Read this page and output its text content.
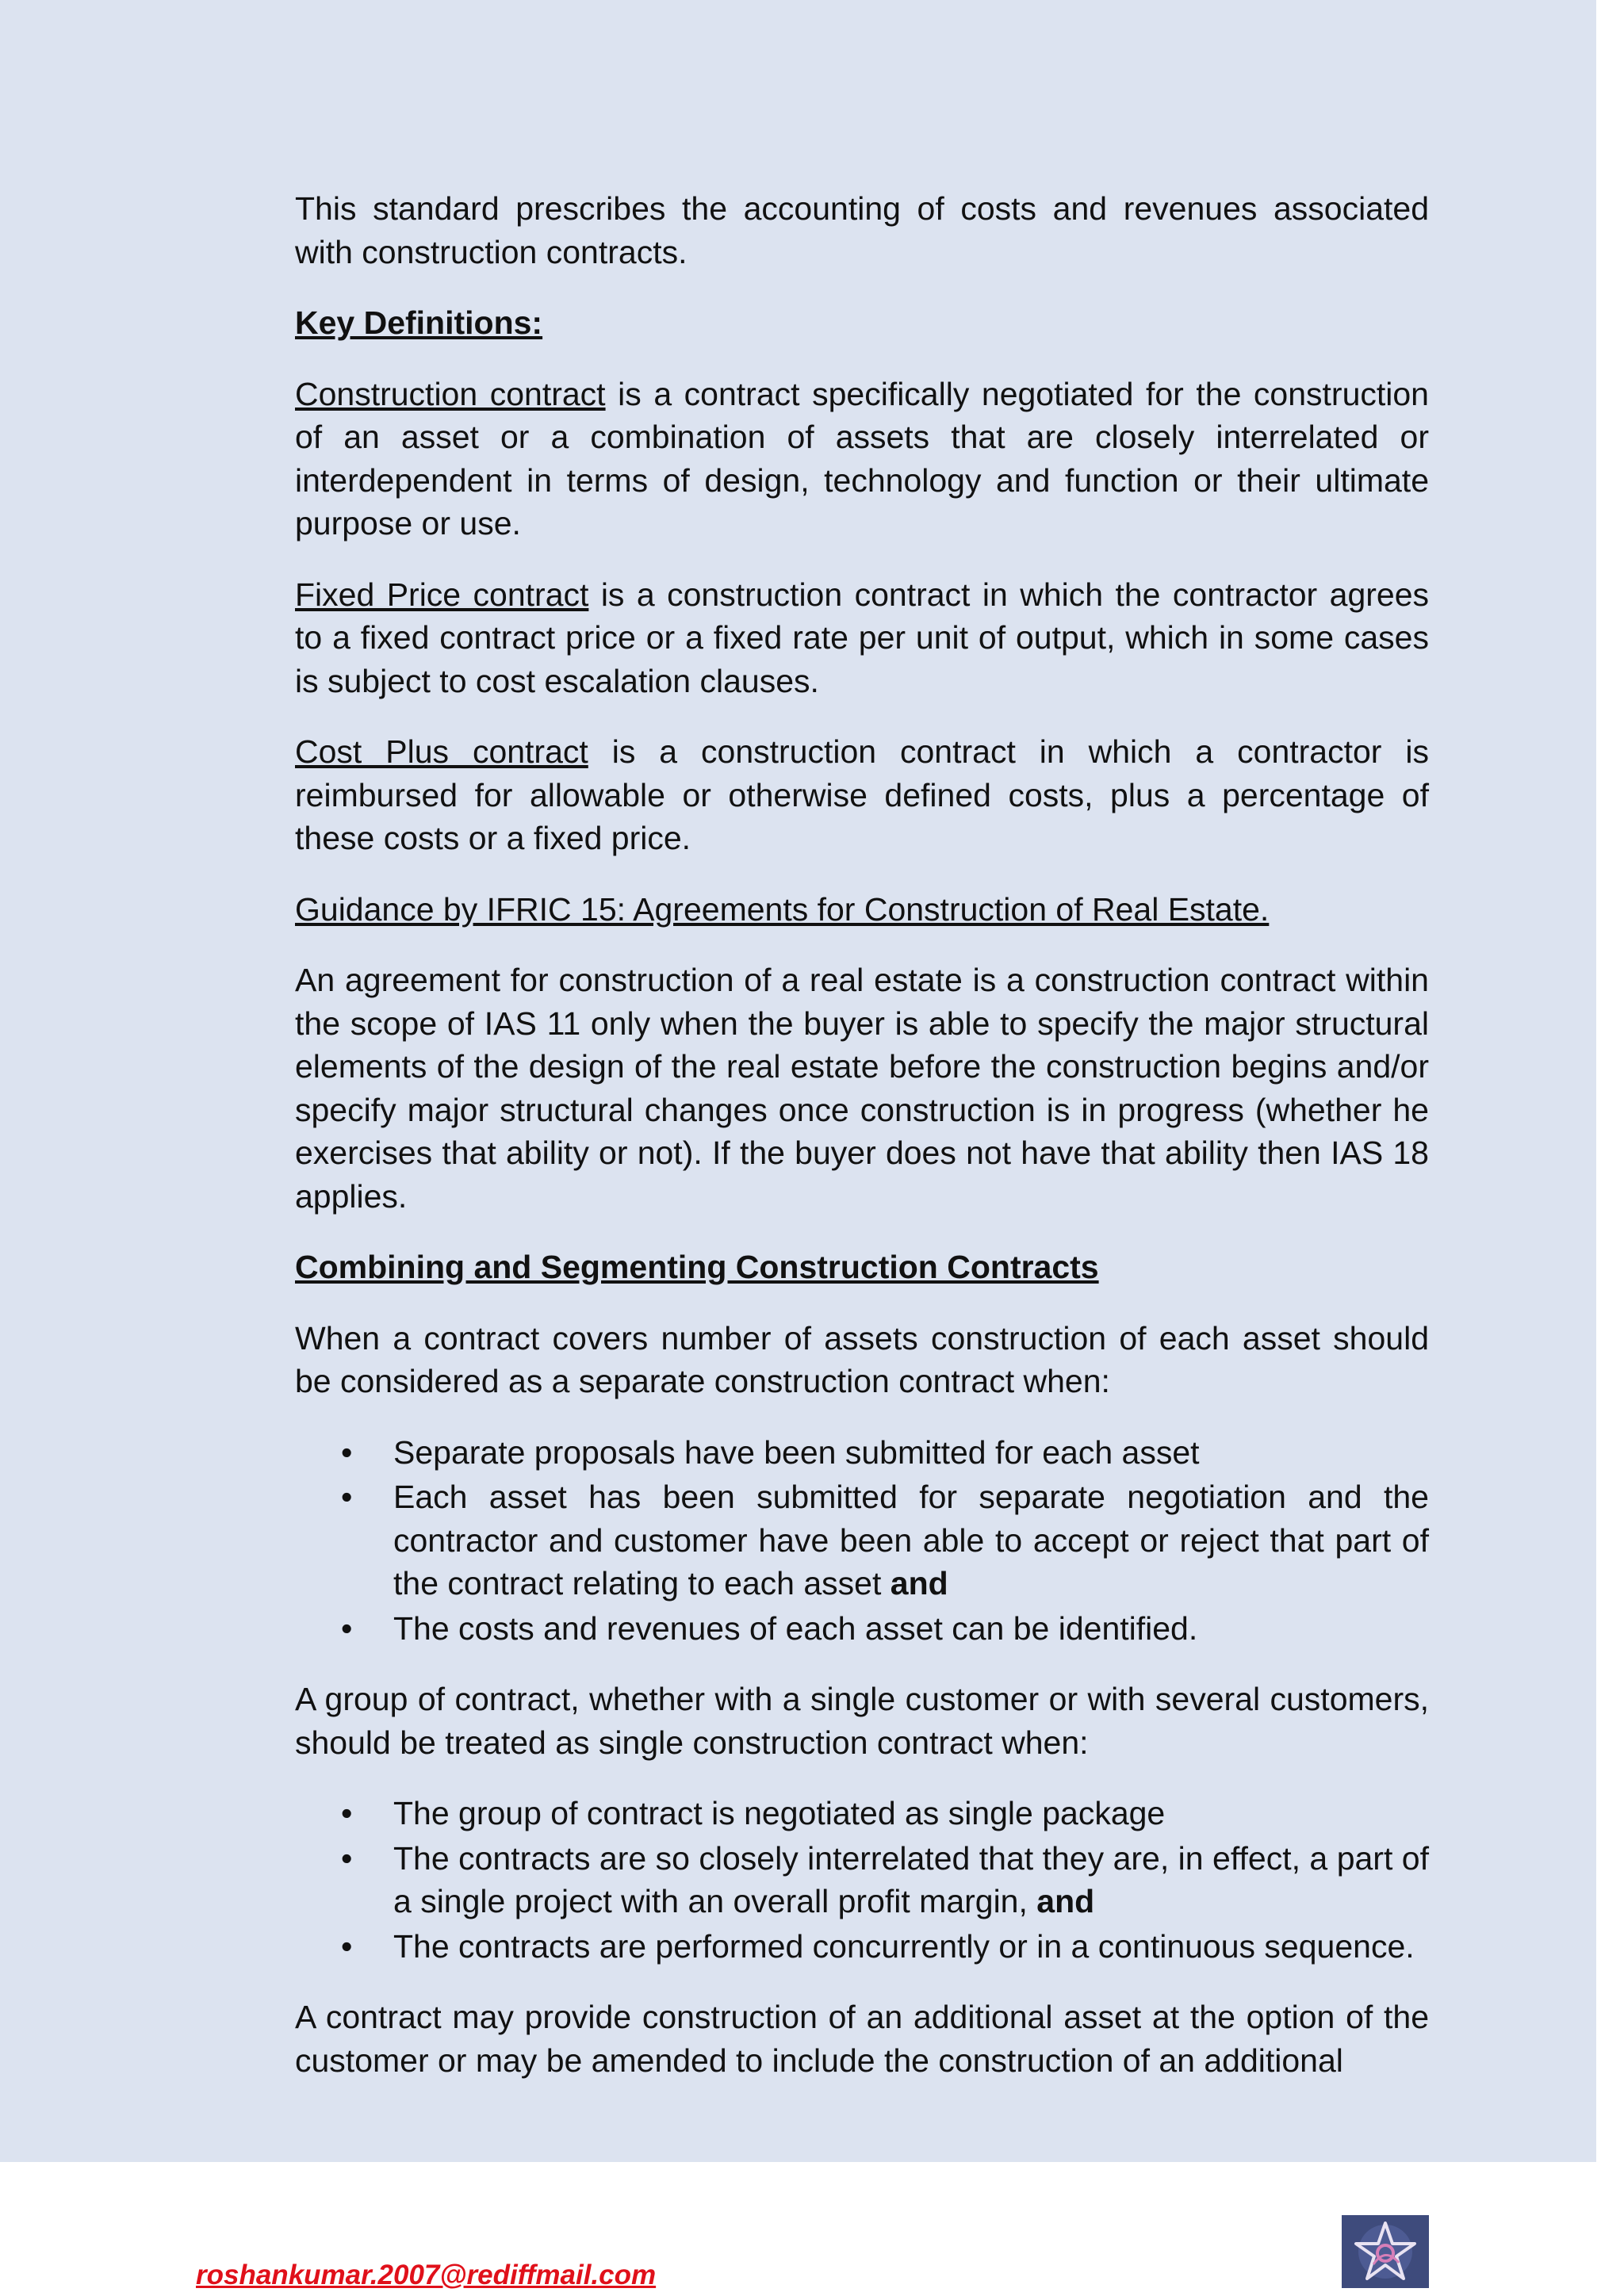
This standard prescribes the accounting of costs and revenues associated with construction contracts.

Key Definitions:

Construction contract is a contract specifically negotiated for the construction of an asset or a combination of assets that are closely interrelated or interdependent in terms of design, technology and function or their ultimate purpose or use.

Fixed Price contract is a construction contract in which the contractor agrees to a fixed contract price or a fixed rate per unit of output, which in some cases is subject to cost escalation clauses.

Cost Plus contract is a construction contract in which a contractor is reimbursed for allowable or otherwise defined costs, plus a percentage of these costs or a fixed price.

Guidance by IFRIC 15: Agreements for Construction of Real Estate.

An agreement for construction of a real estate is a construction contract within the scope of IAS 11 only when the buyer is able to specify the major structural elements of the design of the real estate before the construction begins and/or specify major structural changes once construction is in progress (whether he exercises that ability or not). If the buyer does not have that ability then IAS 18 applies.

Combining and Segmenting Construction Contracts

When a contract covers number of assets construction of each asset should be considered as a separate construction contract when:

• Separate proposals have been submitted for each asset
• Each asset has been submitted for separate negotiation and the contractor and customer have been able to accept or reject that part of the contract relating to each asset and
• The costs and revenues of each asset can be identified.

A group of contract, whether with a single customer or with several customers, should be treated as single construction contract when:

• The group of contract is negotiated as single package
• The contracts are so closely interrelated that they are, in effect, a part of a single project with an overall profit margin, and
• The contracts are performed concurrently or in a continuous sequence.

A contract may provide construction of an additional asset at the option of the customer or may be amended to include the construction of an additional

roshankumar.2007@rediffmail.com
